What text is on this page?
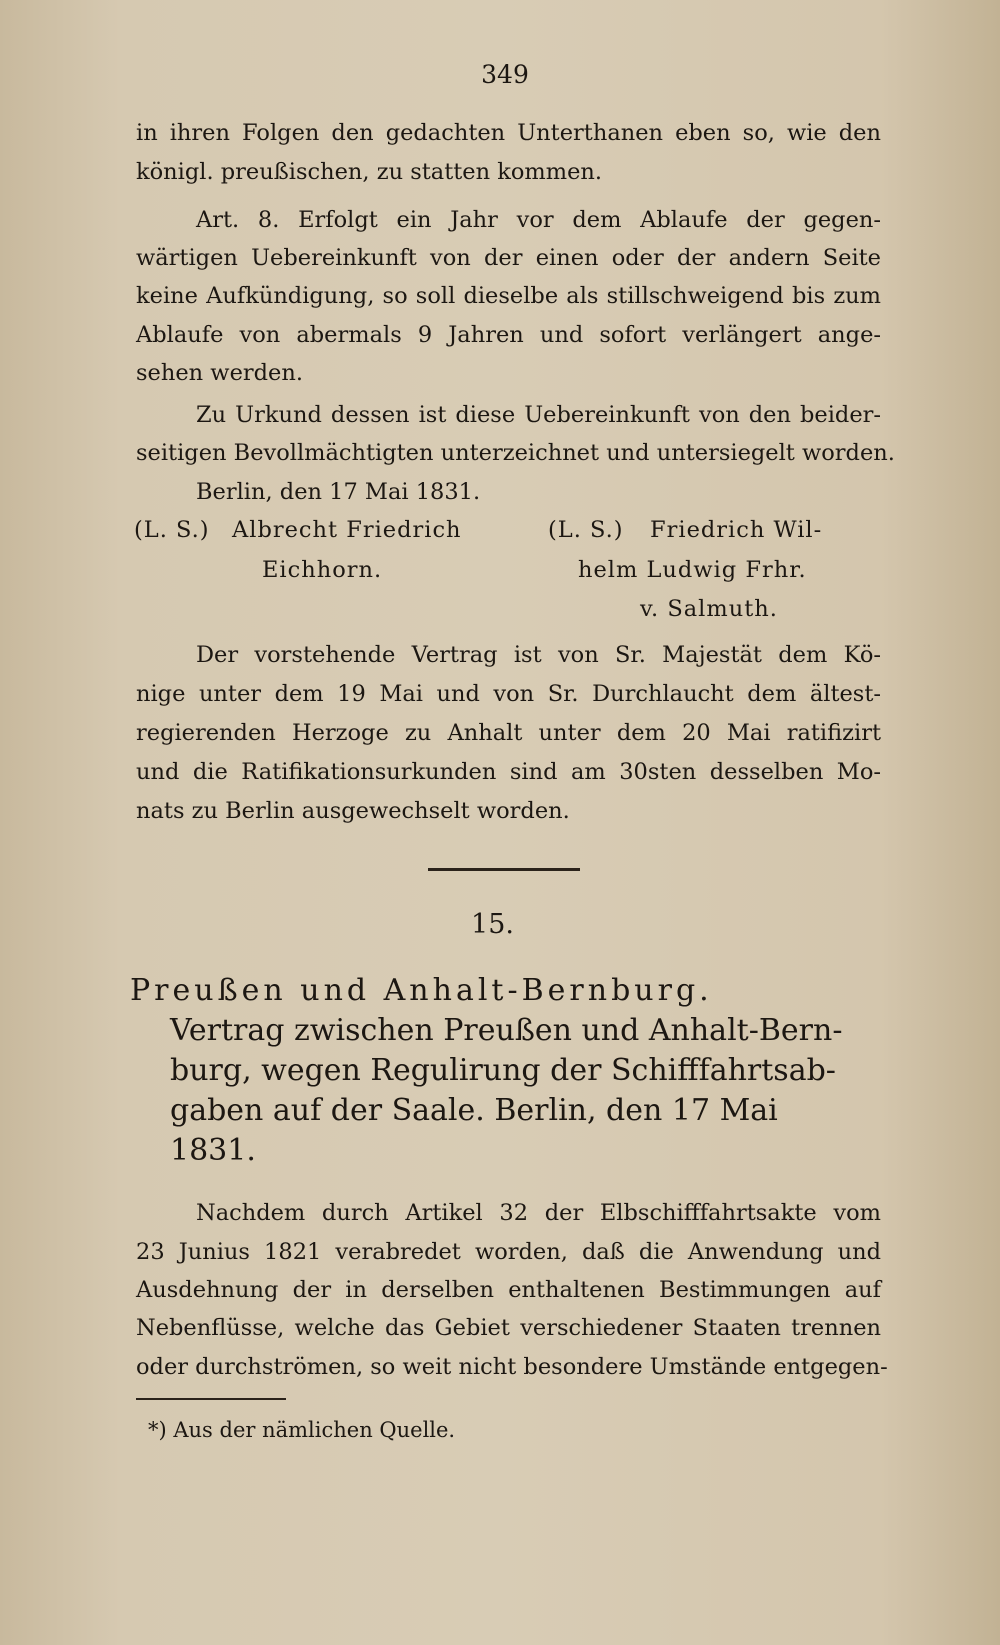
349
in ihren Folgen den gedachten Unterthanen eben so, wie den
königl. preußischen, zu statten kommen.
Art. 8. Erfolgt ein Jahr vor dem Ablaufe der gegen-
wärtigen Uebereinkunft von der einen oder der andern Seite
keine Aufkündigung, so soll dieselbe als stillschweigend bis zum
Ablaufe von abermals 9 Jahren und sofort verlängert ange-
sehen werden.
Zu Urkund dessen ist diese Uebereinkunft von den beider-
seitigen Bevollmächtigten unterzeichnet und untersiegelt worden.
Berlin, den 17 Mai 1831.
(L. S.) Albrecht Friedrich
Eichhorn.
(L. S.) Friedrich Wil-
helm Ludwig Frhr.
v. Salmuth.
Der vorstehende Vertrag ist von Sr. Majestät dem Kö-
nige unter dem 19 Mai und von Sr. Durchlaucht dem ältest-
regierenden Herzoge zu Anhalt unter dem 20 Mai ratifizirt
und die Ratifikationsurkunden sind am 30sten desselben Mo-
nats zu Berlin ausgewechselt worden.
15.
Preußen und Anhalt-Bernburg.
Vertrag zwischen Preußen und Anhalt-Bern-
burg, wegen Regulirung der Schifffahrtsab-
gaben auf der Saale. Berlin, den 17 Mai
1831.
Nachdem durch Artikel 32 der Elbschifffahrtsakte vom
23 Junius 1821 verabredet worden, daß die Anwendung und
Ausdehnung der in derselben enthaltenen Bestimmungen auf
Nebenflüsse, welche das Gebiet verschiedener Staaten trennen
oder durchströmen, so weit nicht besondere Umstände entgegen-
*) Aus der nämlichen Quelle.
